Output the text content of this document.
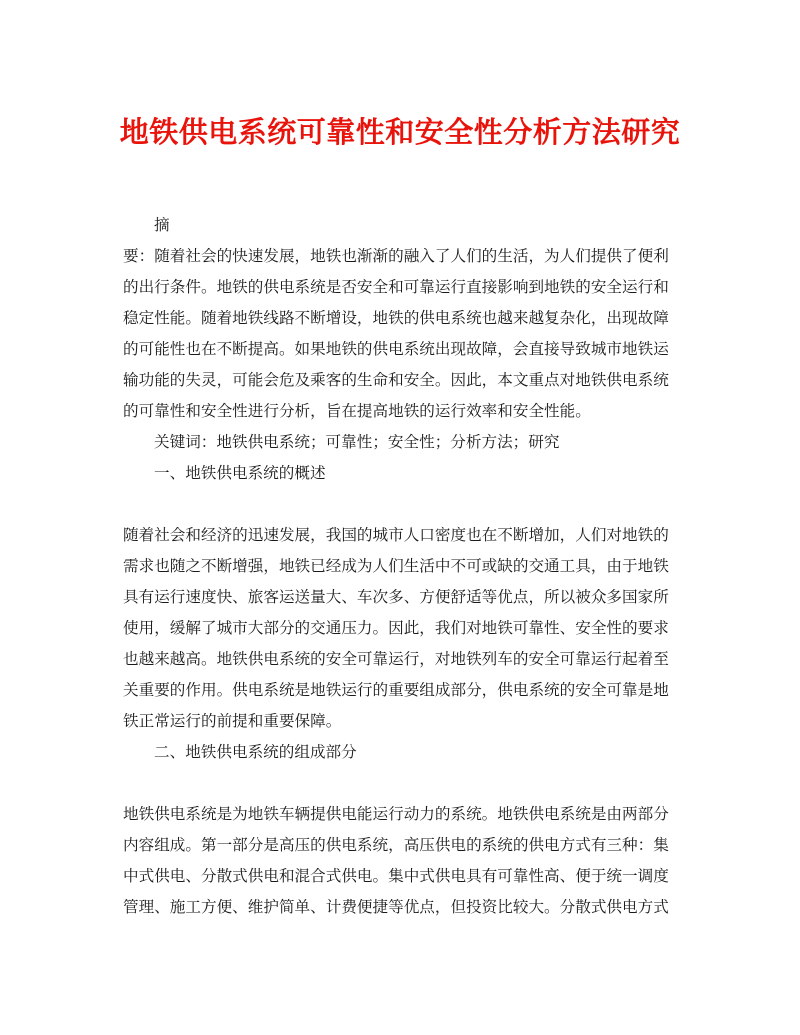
地铁供电系统可靠性和安全性分析方法研究
摘
要：随着社会的快速发展，地铁也渐渐的融入了人们的生活，为人们提供了便利
的出行条件。地铁的供电系统是否安全和可靠运行直接影响到地铁的安全运行和
稳定性能。随着地铁线路不断增设，地铁的供电系统也越来越复杂化，出现故障
的可能性也在不断提高。如果地铁的供电系统出现故障，会直接导致城市地铁运
输功能的失灵，可能会危及乘客的生命和安全。因此，本文重点对地铁供电系统
的可靠性和安全性进行分析，旨在提高地铁的运行效率和安全性能。
关键词：地铁供电系统；可靠性；安全性；分析方法；研究
一、地铁供电系统的概述
随着社会和经济的迅速发展，我国的城市人口密度也在不断增加，人们对地铁的
需求也随之不断增强，地铁已经成为人们生活中不可或缺的交通工具，由于地铁
具有运行速度快、旅客运送量大、车次多、方便舒适等优点，所以被众多国家所
使用，缓解了城市大部分的交通压力。因此，我们对地铁可靠性、安全性的要求
也越来越高。地铁供电系统的安全可靠运行，对地铁列车的安全可靠运行起着至
关重要的作用。供电系统是地铁运行的重要组成部分，供电系统的安全可靠是地
铁正常运行的前提和重要保障。
二、地铁供电系统的组成部分
地铁供电系统是为地铁车辆提供电能运行动力的系统。地铁供电系统是由两部分
内容组成。第一部分是高压的供电系统，高压供电的系统的供电方式有三种：集
中式供电、分散式供电和混合式供电。集中式供电具有可靠性高、便于统一调度
管理、施工方便、维护简单、计费便捷等优点，但投资比较大。分散式供电方式
